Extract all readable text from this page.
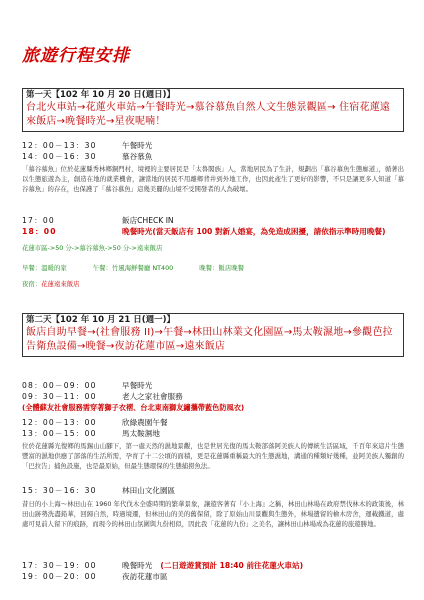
旅遊行程安排
第一天【102 年 10 月 20 日(週日)】
台北火車站→花蓮火車站→午餐時光→慕谷慕魚自然人文生態景觀區→ 住宿花蓮遠來飯店→晚餐時光→星夜呢喃！
12：00－13：30	午餐時光
14：00－16：30	慕谷慕魚
「慕谷慕魚」位於花蓮縣秀林鄉銅門村，境裡的主要居民是「太魯閣族」人，當地居民為了生計，規劃出「慕谷慕魚生態廊道」，循著出以生態旅遊為主，創造在地的就業機會，讓當地的居民不用離鄉背井到外地工作，也因此產生了更好的影響，不只是讓更多人知道「慕谷慕魚」的存在，也保護了「慕谷慕魚」這幾美麗的山境不受開發者的人為破壞。
17：00	飯店CHECK IN
18：00	晚餐時光(當天飯店有 100 對新人婚宴，為免造成困擾，請依指示準時用晚餐)
花蓮市區->50 分->慕谷慕魚->50 分->遠來飯店
早餐：溫暖的家	午餐：竹風海鮮餐廳 NT400	晚餐：飯店晚餐
夜宿：花蓮遠來飯店
第二天【102 年 10 月 21 日(週一)】
飯店自助早餐→(社會服務 II)→午餐→林田山林業文化園區→馬太鞍濕地→參觀芭拉告衛魚設備→晚餐→夜訪花蓮市區→遠來飯店
08：00－09：00	早餐時光
09：30－11：00	老人之家社會服務
(全體蘇友社會服務需穿著獅子衣褶、台北東南獅友繡攜帶藍色防風衣)
12：00－13：00	欣綠農園午餐
13：00－15：00	馬太鞍濕地
位於花蓮縣光復鄉的馬錫山山腳下，第一處天然的濕地景觀，也是世居光復的馬太鞍部落阿美族人的傳統生活區域，千百年來這片生態豐富的濕地供應了部落的生活所需，孕育了十二公頃的面積，更是花蓮縣重稱最大的生態濕地，溝通的種類好幾種，並阿美族人獨創的「巴拉告」捕魚設施，也是最原始，但最生態環保的生態捕撈魚法。
15：30－16：30	林田山文化園區
昔日的小上海～林田山在 1960 年代伐木全盛時期的繁華景象，讓遊客著有『小上海』之稱，林田山林場在政府禁伐林木的政策後，林田山跡勢洗盡鉛華，回歸自然，時過境遷，但林田山的美的舊保留，除了原始山川景觀與生態外，林場遺留的檜木房舍，運載鐵道，處處可見前人留下的痕跡，而現今的林田山氛圍與九份相似，因此我「花蓮的九份」之美名，讓林田山林場成為花蓮的旅遊勝地。
17：30－19：00	晚餐時光 (二日遊遊賞預計 18:40 前往花蓮火車站)
19：00－20：00	夜訪花蓮市區
